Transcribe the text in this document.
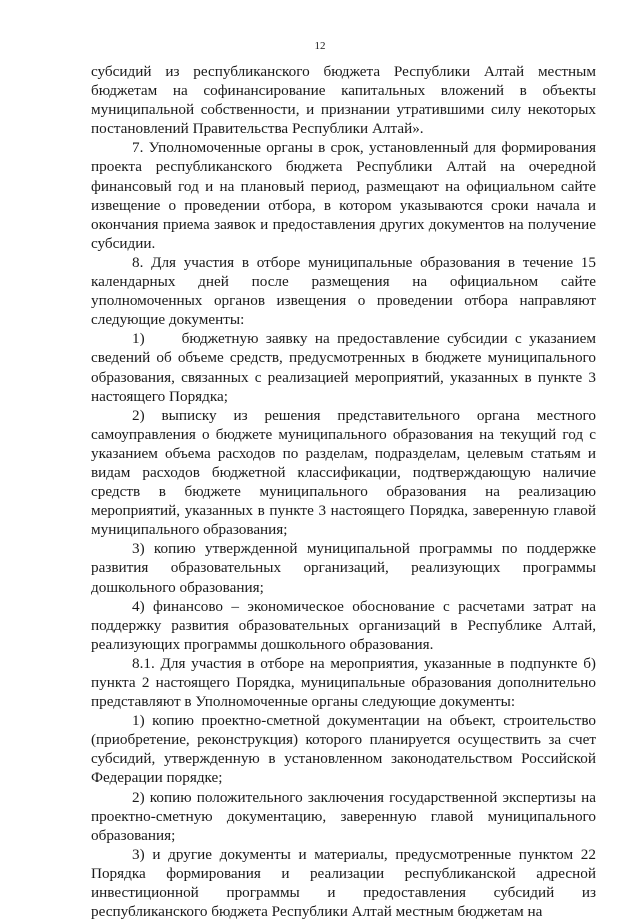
12

субсидий из республиканского бюджета Республики Алтай местным бюджетам на софинансирование капитальных вложений в объекты муниципальной собственности, и признании утратившими силу некоторых постановлений Правительства Республики Алтай».

7. Уполномоченные органы в срок, установленный для формирования проекта республиканского бюджета Республики Алтай на очередной финансовый год и на плановый период, размещают на официальном сайте извещение о проведении отбора, в котором указываются сроки начала и окончания приема заявок и предоставления других документов на получение субсидии.

8. Для участия в отборе муниципальные образования в течение 15 календарных дней после размещения на официальном сайте уполномоченных органов извещения о проведении отбора направляют следующие документы:

1)     бюджетную заявку на предоставление субсидии с указанием сведений об объеме средств, предусмотренных в бюджете муниципального образования, связанных с реализацией мероприятий, указанных в пункте 3 настоящего Порядка;

2) выписку из решения представительного органа местного самоуправления о бюджете муниципального образования на текущий год с указанием объема расходов по разделам, подразделам, целевым статьям и видам расходов бюджетной классификации, подтверждающую наличие средств в бюджете муниципального образования на реализацию мероприятий, указанных в пункте 3 настоящего Порядка, заверенную главой муниципального образования;

3) копию утвержденной муниципальной программы по поддержке развития образовательных организаций, реализующих программы дошкольного образования;

4) финансово – экономическое обоснование с расчетами затрат на поддержку развития образовательных организаций в Республике Алтай, реализующих программы дошкольного образования.

8.1. Для участия в отборе на мероприятия, указанные в подпункте б) пункта 2 настоящего Порядка, муниципальные образования дополнительно представляют в Уполномоченные органы следующие документы:

1) копию проектно-сметной документации на объект, строительство (приобретение, реконструкция) которого планируется осуществить за счет субсидий, утвержденную в установленном законодательством Российской Федерации порядке;

2) копию положительного заключения государственной экспертизы на проектно-сметную документацию, заверенную главой муниципального образования;

3) и другие документы и материалы, предусмотренные пунктом 22 Порядка формирования и реализации республиканской адресной инвестиционной программы и предоставления субсидий из республиканского бюджета Республики Алтай местным бюджетам на
